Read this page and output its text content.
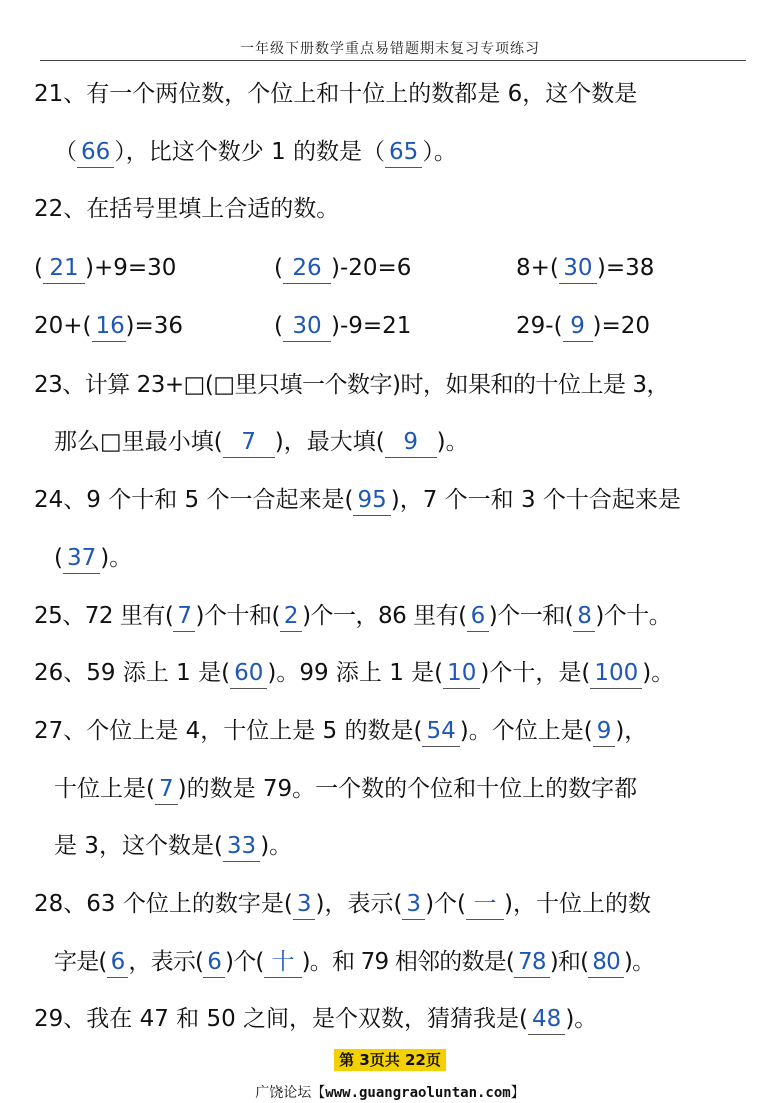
一年级下册数学重点易错题期末复习专项练习
21、有一个两位数，个位上和十位上的数都是 6，这个数是
（ 66 ），比这个数少 1 的数是（ 65 ）。
22、在括号里填上合适的数。
( 21 )+9=30	( 26 )-20=6	8+( 30 )=38
20+( 16)=36	( 30 )-9=21	29-( 9 )=20
23、计算 23+□(□里只填一个数字)时，如果和的十位上是 3，
那么□里最小填( 7 )，最大填( 9 )。
24、9 个十和 5 个一合起来是( 95 )，7 个一和 3 个十合起来是
( 37 )。
25、72 里有( 7 )个十和( 2 )个一，86 里有( 6 )个一和( 8 )个十。
26、59 添上 1 是( 60 )。99 添上 1 是( 10 )个十，是( 100 )。
27、个位上是 4，十位上是 5 的数是( 54 )。个位上是( 9 )，
十位上是( 7 )的数是 79。一个数的个位和十位上的数字都
是 3，这个数是( 33 )。
28、63 个位上的数字是( 3 )，表示( 3 )个( 一 )，十位上的数
字是( 6 ，表示( 6 )个( 十 )。和 79 相邻的数是( 78 )和( 80 )。
29、我在 47 和 50 之间，是个双数，猜猜我是( 48 )。
第 3页共 22页
广饶论坛【www.guangraoluntan.com】
